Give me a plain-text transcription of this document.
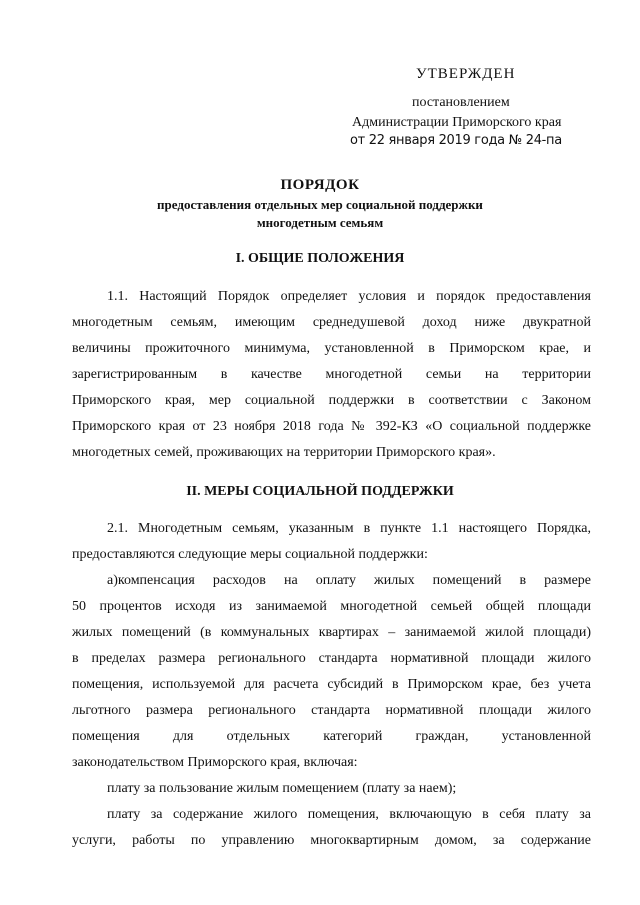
УТВЕРЖДЕН
постановлением
Администрации Приморского края
от 22 января 2019 года № 24-па
ПОРЯДОК
предоставления отдельных мер социальной поддержки
многодетным семьям
I. ОБЩИЕ ПОЛОЖЕНИЯ
1.1. Настоящий Порядок определяет условия и порядок предоставления
многодетным семьям, имеющим среднедушевой доход ниже двукратной
величины прожиточного минимума, установленной в Приморском крае, и
зарегистрированным в качестве многодетной семьи на территории
Приморского края, мер социальной поддержки в соответствии с Законом
Приморского края от 23 ноября 2018 года № 392-КЗ «О социальной поддержке
многодетных семей, проживающих на территории Приморского края».
II. МЕРЫ СОЦИАЛЬНОЙ ПОДДЕРЖКИ
2.1. Многодетным семьям, указанным в пункте 1.1 настоящего Порядка,
предоставляются следующие меры социальной поддержки:
а)компенсация расходов на оплату жилых помещений в размере
50 процентов исходя из занимаемой многодетной семьей общей площади
жилых помещений (в коммунальных квартирах – занимаемой жилой площади)
в пределах размера регионального стандарта нормативной площади жилого
помещения, используемой для расчета субсидий в Приморском крае, без учета
льготного размера регионального стандарта нормативной площади жилого
помещения для отдельных категорий граждан, установленной
законодательством Приморского края, включая:
плату за пользование жилым помещением (плату за наем);
плату за содержание жилого помещения, включающую в себя плату за
услуги, работы по управлению многоквартирным домом, за содержание
